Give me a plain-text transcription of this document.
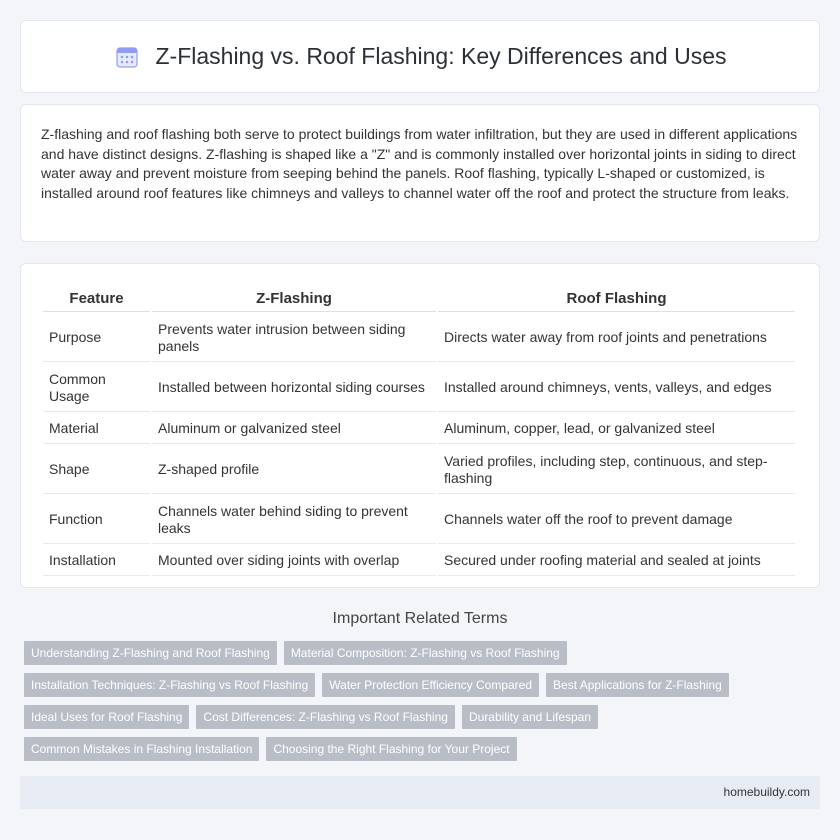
Z-Flashing vs. Roof Flashing: Key Differences and Uses

Z-flashing and roof flashing both serve to protect buildings from water infiltration, but they are used in different applications and have distinct designs. Z-flashing is shaped like a "Z" and is commonly installed over horizontal joints in siding to direct water away and prevent moisture from seeping behind the panels. Roof flashing, typically L-shaped or customized, is installed around roof features like chimneys and valleys to channel water off the roof and protect the structure from leaks.

Feature	Z-Flashing	Roof Flashing
Purpose	Prevents water intrusion between siding panels	Directs water away from roof joints and penetrations
Common Usage	Installed between horizontal siding courses	Installed around chimneys, vents, valleys, and edges
Material	Aluminum or galvanized steel	Aluminum, copper, lead, or galvanized steel
Shape	Z-shaped profile	Varied profiles, including step, continuous, and step-flashing
Function	Channels water behind siding to prevent leaks	Channels water off the roof to prevent damage
Installation	Mounted over siding joints with overlap	Secured under roofing material and sealed at joints
Important Related Terms
Understanding Z-Flashing and Roof Flashing	Material Composition: Z-Flashing vs Roof Flashing
Installation Techniques: Z-Flashing vs Roof Flashing	Water Protection Efficiency Compared	Best Applications for Z-Flashing
Ideal Uses for Roof Flashing	Cost Differences: Z-Flashing vs Roof Flashing	Durability and Lifespan
Common Mistakes in Flashing Installation	Choosing the Right Flashing for Your Project
homebuildy.com
